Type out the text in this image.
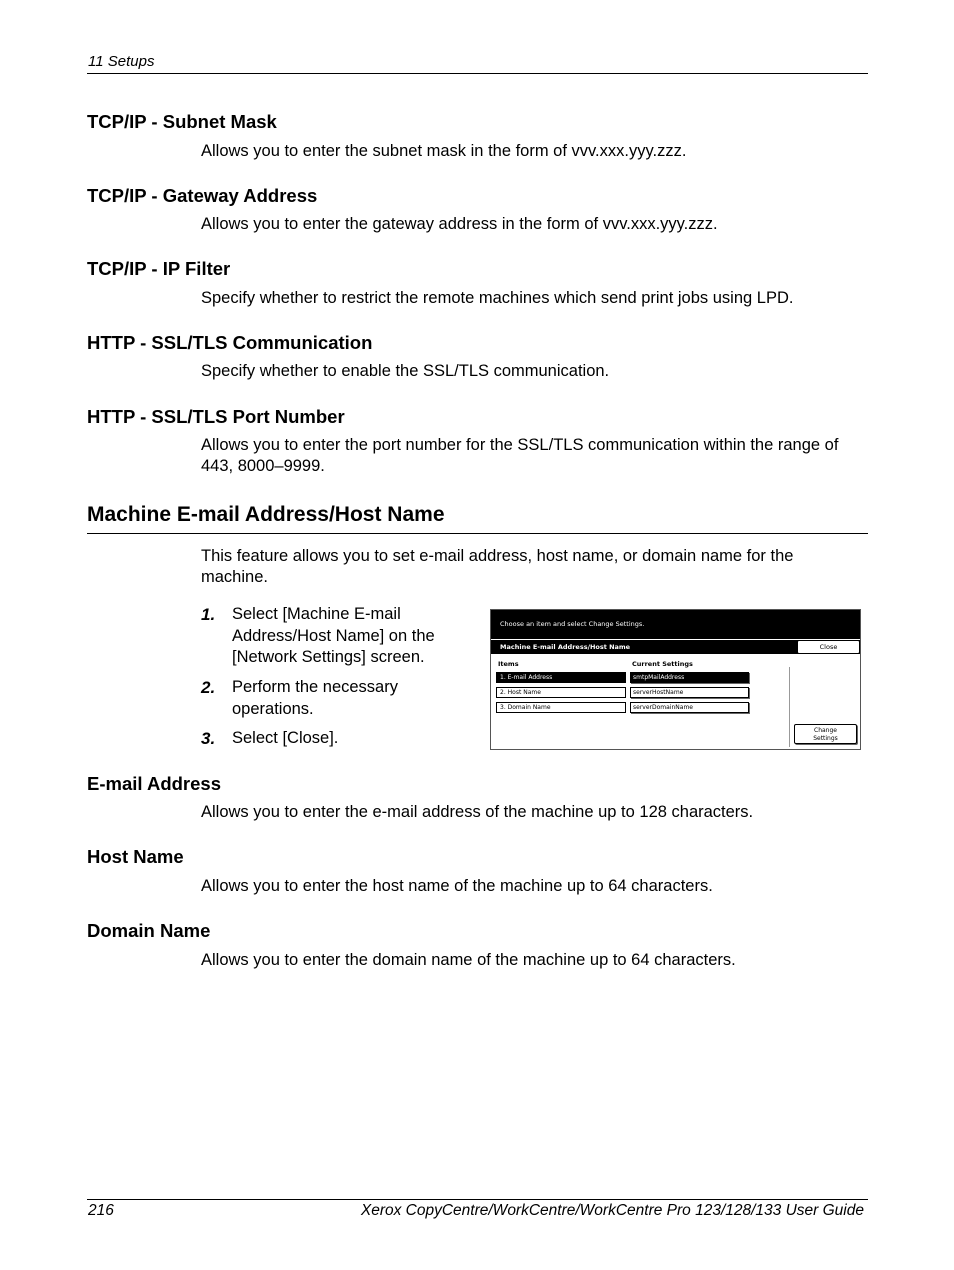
11 Setups
TCP/IP - Subnet Mask
Allows you to enter the subnet mask in the form of vvv.xxx.yyy.zzz.
TCP/IP - Gateway Address
Allows you to enter the gateway address in the form of vvv.xxx.yyy.zzz.
TCP/IP - IP Filter
Specify whether to restrict the remote machines which send print jobs using LPD.
HTTP - SSL/TLS Communication
Specify whether to enable the SSL/TLS communication.
HTTP - SSL/TLS Port Number
Allows you to enter the port number for the SSL/TLS communication within the range of 443, 8000–9999.
Machine E-mail Address/Host Name
This feature allows you to set e-mail address, host name, or domain name for the machine.
1. Select [Machine E-mail Address/Host Name] on the [Network Settings] screen.
2. Perform the necessary operations.
3. Select [Close].
Choose an item and select Change Settings.
Machine E-mail Address/Host Name	Close
Items	Current Settings
1. E-mail Address	smtpMailAddress
2. Host Name	serverHostName
3. Domain Name	serverDomainName
Change
Settings
E-mail Address
Allows you to enter the e-mail address of the machine up to 128 characters.
Host Name
Allows you to enter the host name of the machine up to 64 characters.
Domain Name
Allows you to enter the domain name of the machine up to 64 characters.
216	Xerox CopyCentre/WorkCentre/WorkCentre Pro 123/128/133 User Guide
